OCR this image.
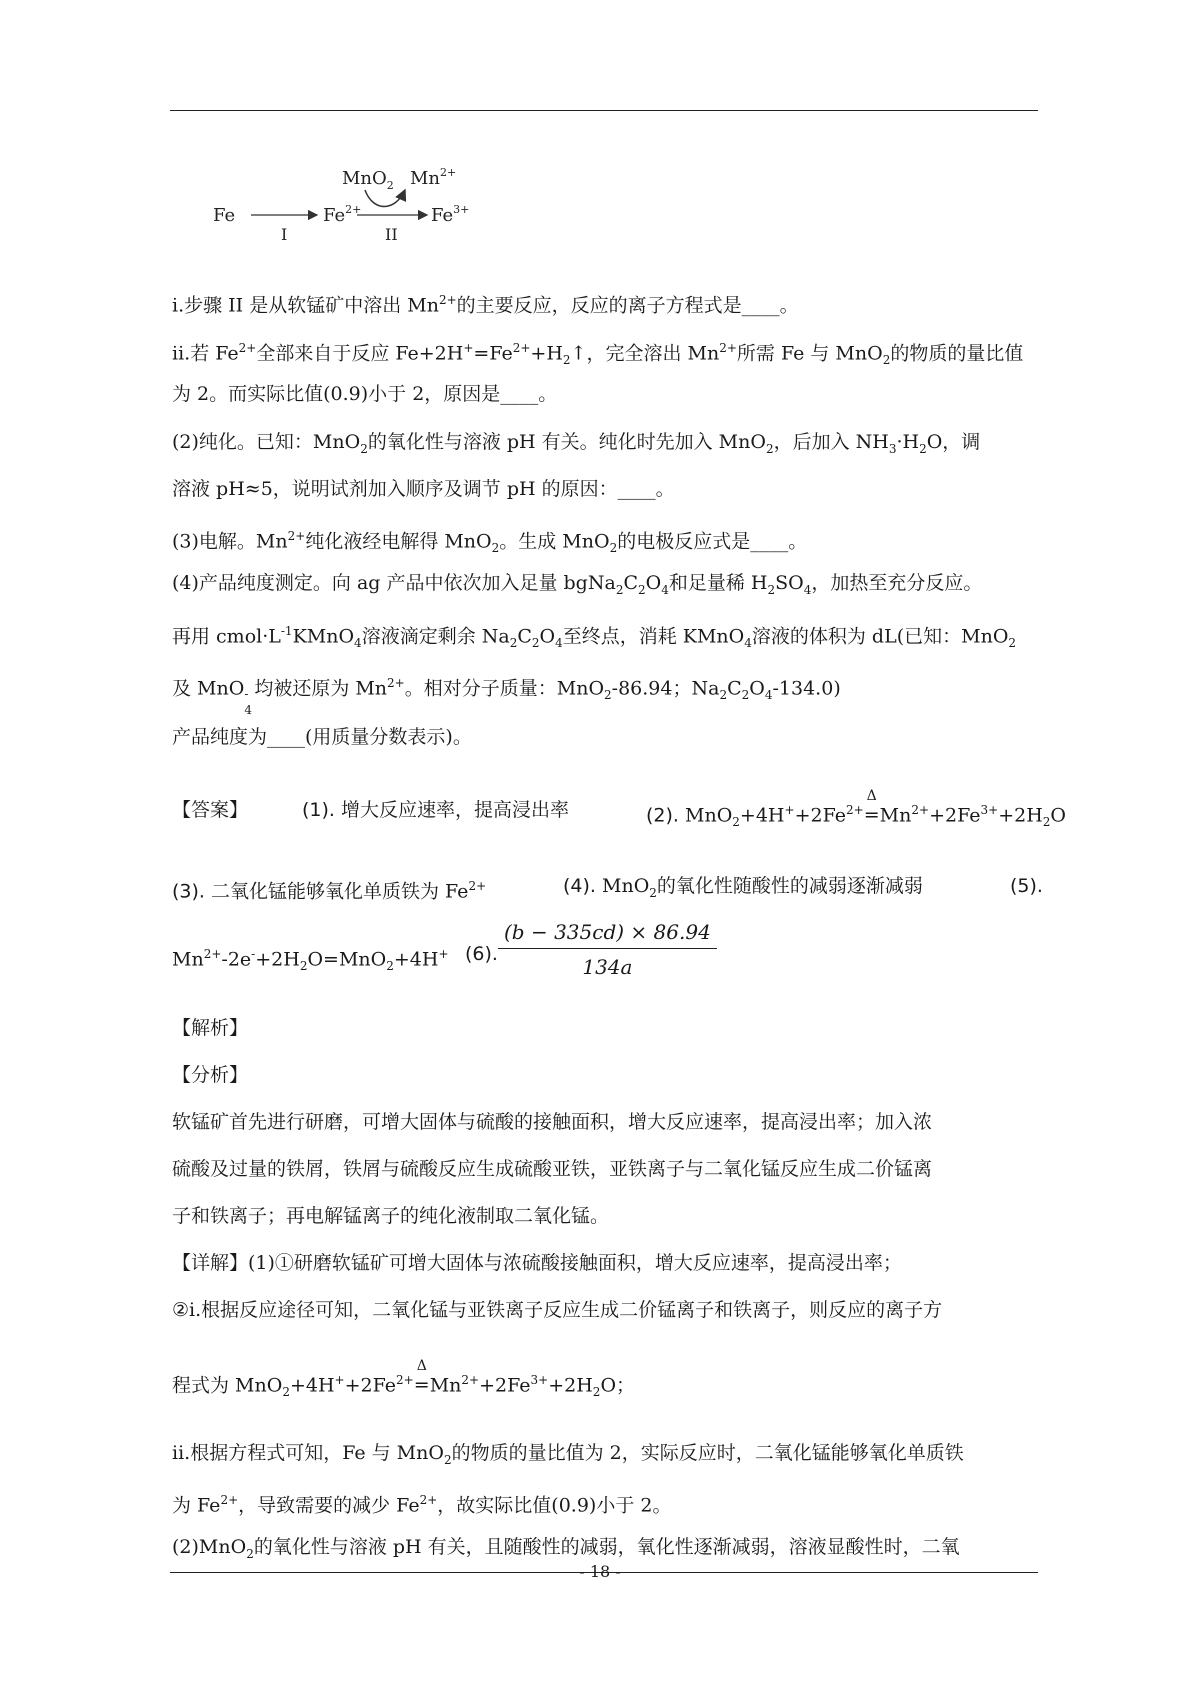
Fe
I
$Fe^{2+}$
MnO$_2$ $Mn^{2+}$
II
$Fe^{3+}$
i.步骤 II 是从软锰矿中溶出 $Mn^{2+}$的主要反应，反应的离子方程式是____。
ii.若 $Fe^{2+}$全部来自于反应 $Fe+2H^+=Fe^{2+}+H_2↑$，完全溶出 $Mn^{2+}$所需 Fe 与 MnO$_2$的物质的量比值
为 2。而实际比值(0.9)小于 2，原因是____。
(2)纯化。已知：MnO$_2$的氧化性与溶液 pH 有关。纯化时先加入 MnO$_2$，后加入 $NH_3\cdot H_2O$，调
溶液 pH≈5，说明试剂加入顺序及调节 pH 的原因：____。
(3)电解。$Mn^{2+}$纯化液经电解得 MnO$_2$。生成 MnO$_2$的电极反应式是____。
(4)产品纯度测定。向 ag 产品中依次加入足量 $bgNa_2C_2O_4$和足量稀 $H_2SO_4$，加热至充分反应。
再用 $cmol\cdot L^{-1}KMnO_4$溶液滴定剩余 $Na_2C_2O_4$至终点，消耗 KMnO$_4$溶液的体积为 dL(已知：MnO$_2$
及 MnO -
4
均被还原为 $Mn^{2+}$。相对分子质量：MnO$_2$-86.94；$Na_2C_2O_4-134.0$)
产品纯度为____(用质量分数表示)。
【答案】	(1). 增大反应速率，提高浸出率	(2). $MnO_2+4H^++2Fe^{2+}$
Δ
$=Mn^{2+}+2Fe^{3+}+2H_2O$
(3). 二氧化锰能够氧化单质铁为 $Fe^{2+}$	(4). MnO$_2$的氧化性随酸性的减弱逐渐减弱	(5).
$Mn^{2+}-2e^-+2H_2O=MnO_2+4H^+$ (6). $\frac{(b - 335cd) \times 86.94}{134a}$
【解析】
【分析】
软锰矿首先进行研磨，可增大固体与硫酸的接触面积，增大反应速率，提高浸出率；加入浓
硫酸及过量的铁屑，铁屑与硫酸反应生成硫酸亚铁，亚铁离子与二氧化锰反应生成二价锰离
子和铁离子；再电解锰离子的纯化液制取二氧化锰。
【详解】(1)①研磨软锰矿可增大固体与浓硫酸接触面积，增大反应速率，提高浸出率；
②i.根据反应途径可知，二氧化锰与亚铁离子反应生成二价锰离子和铁离子，则反应的离子方
程式为 $MnO_2+4H^++2Fe^{2+}$
Δ
$=Mn^{2+}+2Fe^{3+}+2H_2O$；
ii.根据方程式可知，Fe 与 MnO$_2$的物质的量比值为 2，实际反应时，二氧化锰能够氧化单质铁
为 $Fe^{2+}$，导致需要的减少 $Fe^{2+}$，故实际比值(0.9)小于 2。
(2)MnO$_2$的氧化性与溶液 pH 有关，且随酸性的减弱，氧化性逐渐减弱，溶液显酸性时，二氧
- 18 -
